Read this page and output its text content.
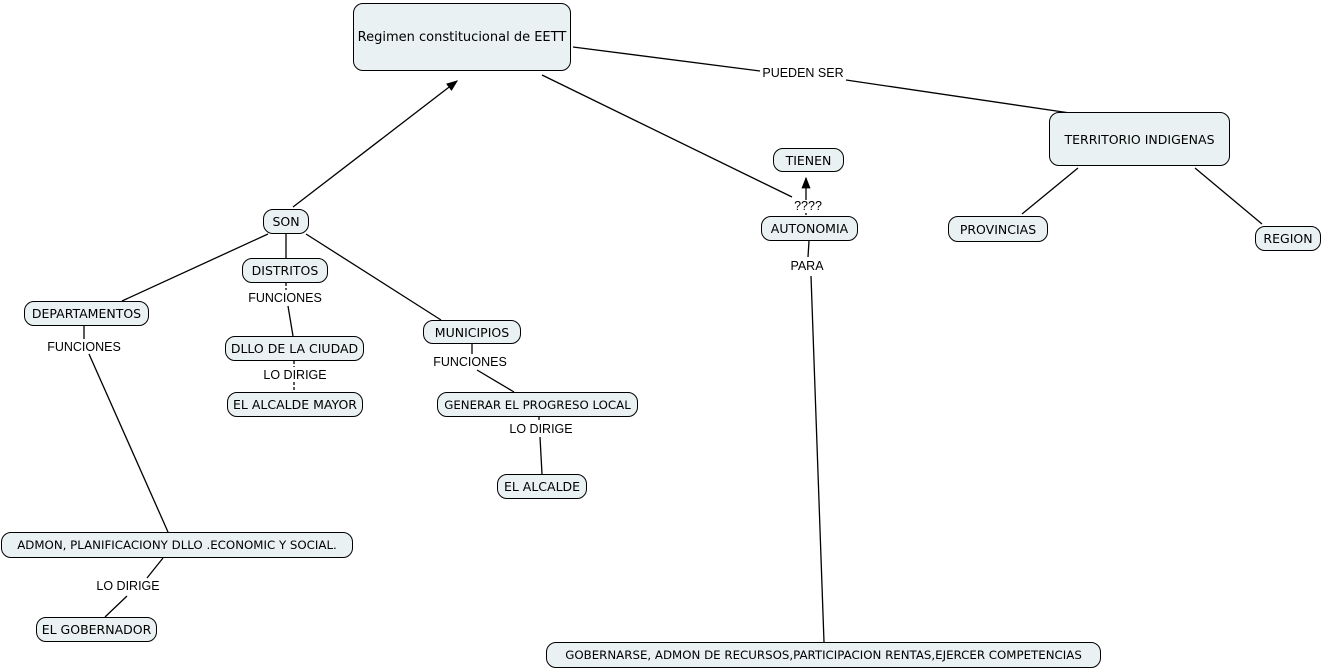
Regimen constitucional de EETT
TERRITORIO INDIGENAS
TIENEN
AUTONOMIA	PROVINCIAS
REGION
SON
DISTRITOS
DEPARTAMENTOS
DLLO DE LA CIUDAD
EL ALCALDE MAYOR
MUNICIPIOS
GENERAR EL PROGRESO LOCAL
EL ALCALDE
ADMON, PLANIFICACIONY DLLO .ECONOMIC Y SOCIAL.
EL GOBERNADOR
GOBERNARSE, ADMON DE RECURSOS,PARTICIPACION RENTAS,EJERCER COMPETENCIAS
PUEDEN SER
????
PARA
FUNCIONES
FUNCIONES
FUNCIONES
LO DIRIGE
LO DIRIGE
LO DIRIGE
